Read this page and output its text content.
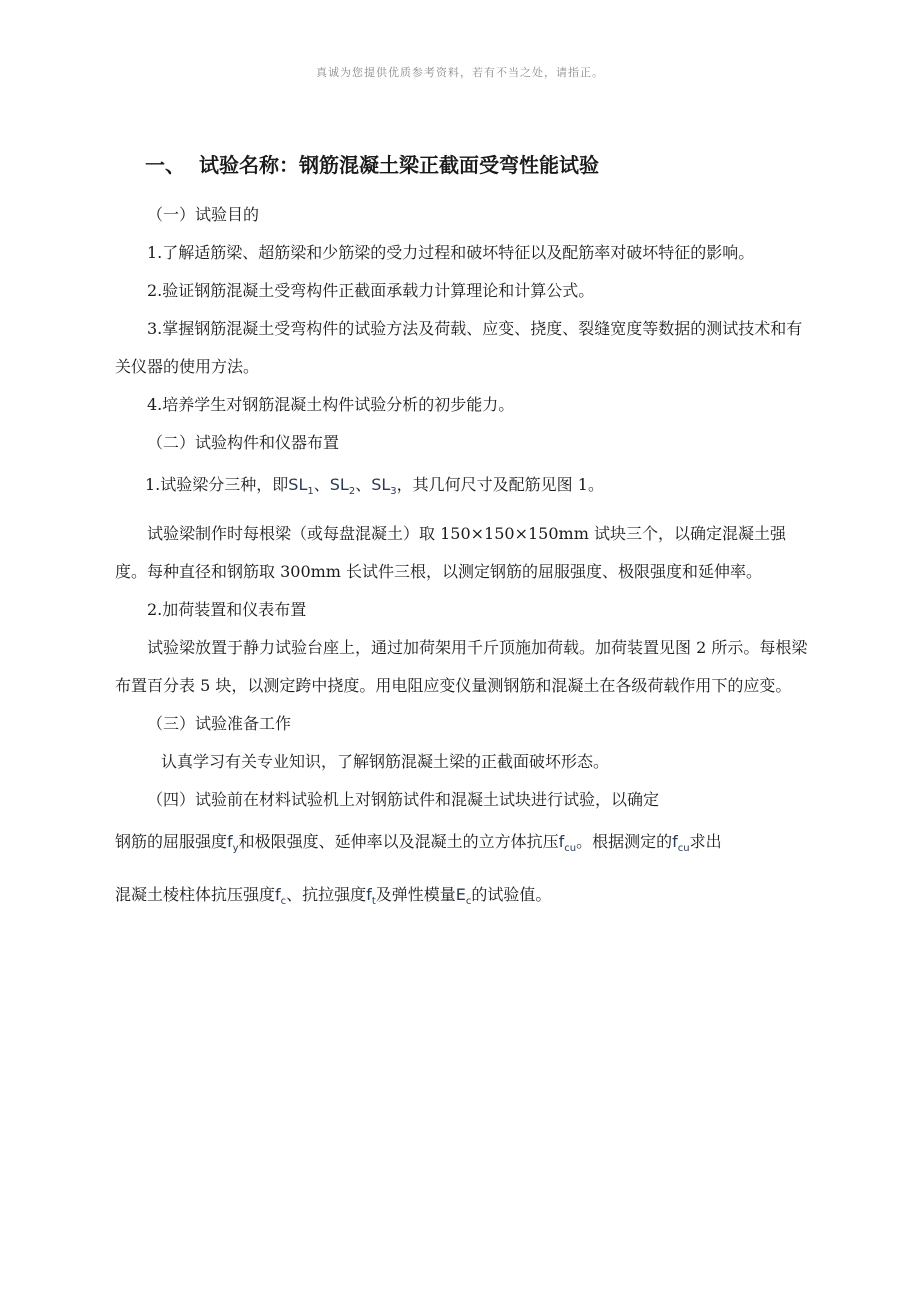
真诚为您提供优质参考资料，若有不当之处，请指正。
一、 试验名称：钢筋混凝土梁正截面受弯性能试验

（一）试验目的

1.了解适筋梁、超筋梁和少筋梁的受力过程和破坏特征以及配筋率对破坏特征的影响。

2.验证钢筋混凝土受弯构件正截面承载力计算理论和计算公式。

3.掌握钢筋混凝土受弯构件的试验方法及荷载、应变、挠度、裂缝宽度等数据的测试技术和有关仪器的使用方法。

4.培养学生对钢筋混凝土构件试验分析的初步能力。

（二）试验构件和仪器布置

1.试验梁分三种，即$SL_1$、$SL_2$、$SL_3$，其几何尺寸及配筋见图 1。

试验梁制作时每根梁（或每盘混凝土）取 150×150×150mm 试块三个，以确定混凝土强度。每种直径和钢筋取 300mm 长试件三根，以测定钢筋的屈服强度、极限强度和延伸率。

2.加荷装置和仪表布置

试验梁放置于静力试验台座上，通过加荷架用千斤顶施加荷载。加荷装置见图 2 所示。每根梁布置百分表 5 块，以测定跨中挠度。用电阻应变仪量测钢筋和混凝土在各级荷载作用下的应变。

（三）试验准备工作

认真学习有关专业知识，了解钢筋混凝土梁的正截面破坏形态。

（四）试验前在材料试验机上对钢筋试件和混凝土试块进行试验，以确定

钢筋的屈服强度$f_y$和极限强度、延伸率以及混凝土的立方体抗压$f_{cu}$。根据测定的$f_{cu}$求出

混凝土棱柱体抗压强度$f_c$、抗拉强度$f_t$及弹性模量$E_c$的试验值。
